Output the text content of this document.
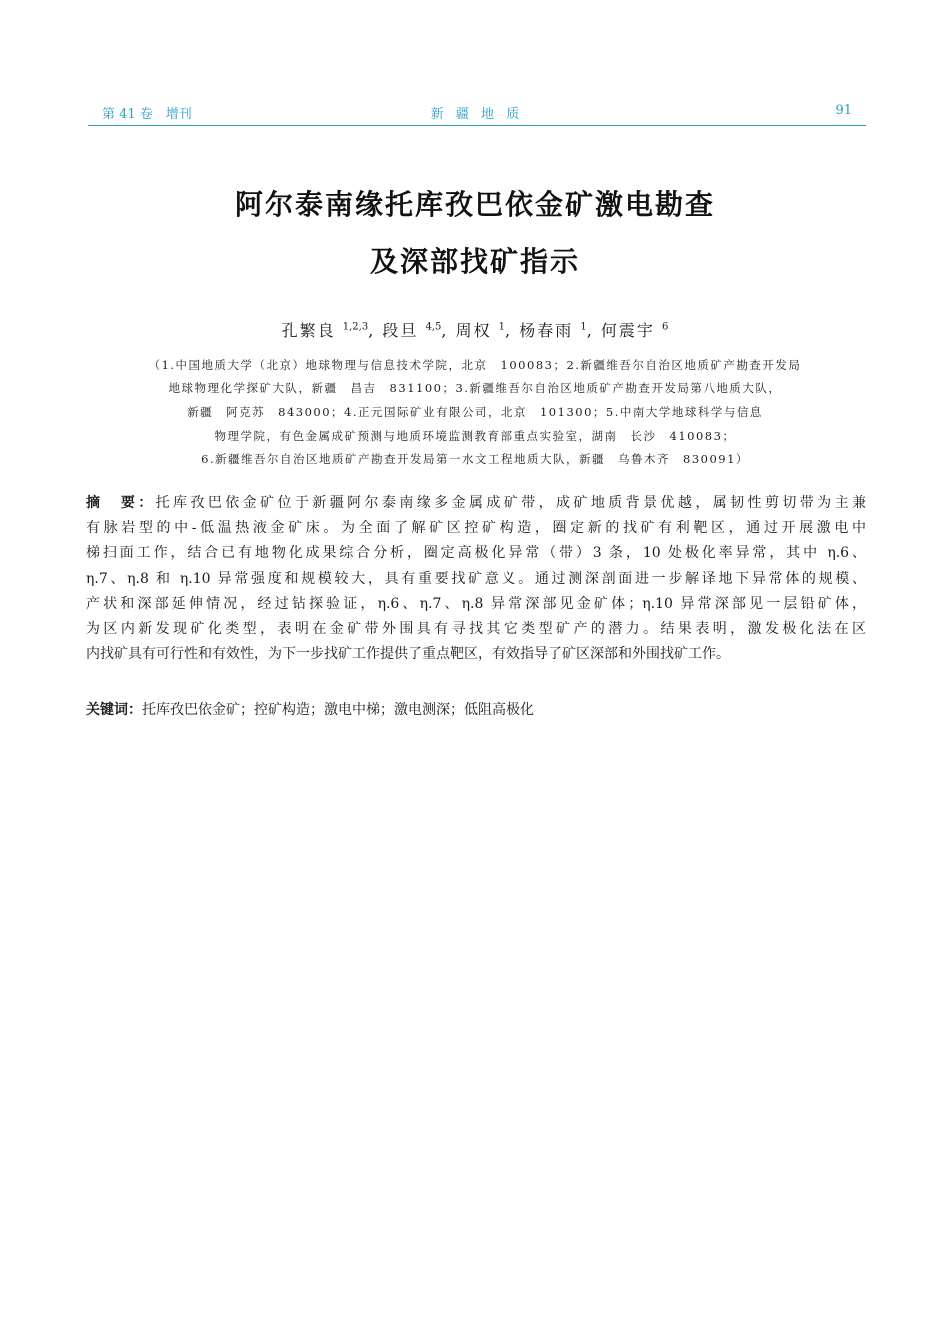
第 41 卷　增刊	新 疆 地 质	91
阿尔泰南缘托库孜巴依金矿激电勘查
及深部找矿指示
孔繁良 $^{1,2,3}$, 段旦 $^{4,5}$, 周权 $^1$, 杨春雨 $^1$, 何震宇 $^6$
（1.中国地质大学（北京）地球物理与信息技术学院，北京　100083；2.新疆维吾尔自治区地质矿产勘查开发局
地球物理化学探矿大队，新疆　昌吉　831100；3.新疆维吾尔自治区地质矿产勘查开发局第八地质大队，
新疆　阿克苏　843000；4.正元国际矿业有限公司，北京　101300；5.中南大学地球科学与信息
物理学院，有色金属成矿预测与地质环境监测教育部重点实验室，湖南　长沙　410083；
6.新疆维吾尔自治区地质矿产勘查开发局第一水文工程地质大队，新疆　乌鲁木齐　830091）
摘　要：托库孜巴依金矿位于新疆阿尔泰南缘多金属成矿带，成矿地质背景优越，属韧性剪切带为主兼
有脉岩型的中-低温热液金矿床。为全面了解矿区控矿构造，圈定新的找矿有利靶区，通过开展激电中
梯扫面工作，结合已有地物化成果综合分析，圈定高极化异常（带）3 条，10 处极化率异常，其中 η.6、
η.7、η.8 和 η.10 异常强度和规模较大，具有重要找矿意义。通过测深剖面进一步解译地下异常体的规模、
产状和深部延伸情况，经过钻探验证，η.6、η.7、η.8 异常深部见金矿体；η.10 异常深部见一层铅矿体，
为区内新发现矿化类型，表明在金矿带外围具有寻找其它类型矿产的潜力。结果表明，激发极化法在区
内找矿具有可行性和有效性，为下一步找矿工作提供了重点靶区，有效指导了矿区深部和外围找矿工作。
关键词：托库孜巴依金矿；控矿构造；激电中梯；激电测深；低阻高极化
